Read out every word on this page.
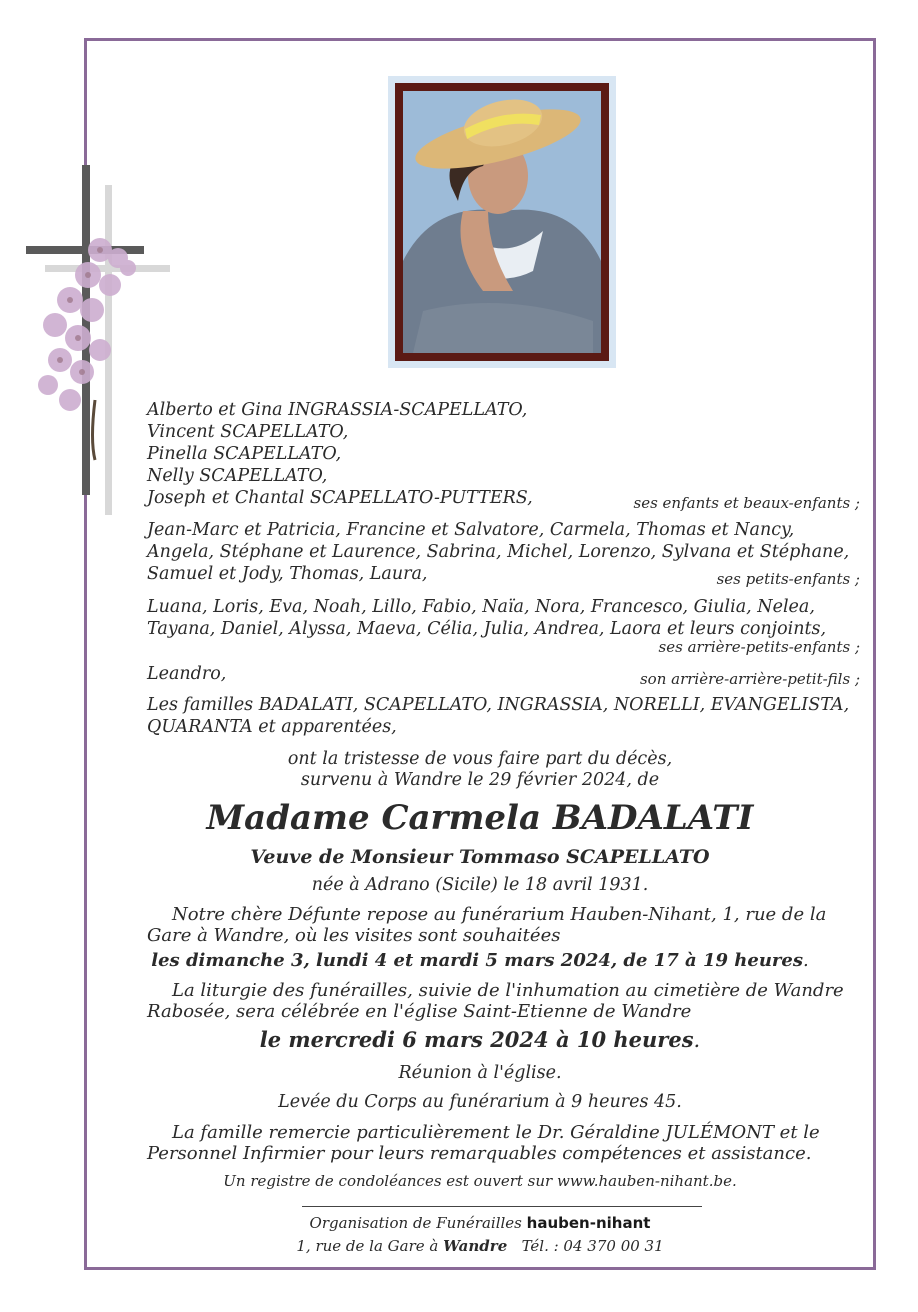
Alberto et Gina INGRASSIA-SCAPELLATO,
Vincent SCAPELLATO,
Pinella SCAPELLATO,
Nelly SCAPELLATO,
Joseph et Chantal SCAPELLATO-PUTTERS,	ses enfants et beaux-enfants ;
Jean-Marc et Patricia, Francine et Salvatore, Carmela, Thomas et Nancy,
Angela, Stéphane et Laurence, Sabrina, Michel, Lorenzo, Sylvana et Stéphane,
Samuel et Jody, Thomas, Laura,	ses petits-enfants ;
Luana, Loris, Eva, Noah, Lillo, Fabio, Naïa, Nora, Francesco, Giulia, Nelea,
Tayana, Daniel, Alyssa, Maeva, Célia, Julia, Andrea, Laora et leurs conjoints,
ses arrière-petits-enfants ;
Leandro,	son arrière-arrière-petit-fils ;
Les familles BADALATI, SCAPELLATO, INGRASSIA, NORELLI, EVANGELISTA,
QUARANTA et apparentées,
ont la tristesse de vous faire part du décès,
survenu à Wandre le 29 février 2024, de
Madame Carmela BADALATI
Veuve de Monsieur Tommaso SCAPELLATO
née à Adrano (Sicile) le 18 avril 1931.
Notre chère Défunte repose au funérarium Hauben-Nihant, 1, rue de la Gare à Wandre, où les visites sont souhaitées
les dimanche 3, lundi 4 et mardi 5 mars 2024, de 17 à 19 heures.
La liturgie des funérailles, suivie de l'inhumation au cimetière de Wandre Rabosée, sera célébrée en l'église Saint-Etienne de Wandre
le mercredi 6 mars 2024 à 10 heures.
Réunion à l'église.
Levée du Corps au funérarium à 9 heures 45.
La famille remercie particulièrement le Dr. Géraldine JULÉMONT et le Personnel Infirmier pour leurs remarquables compétences et assistance.
Un registre de condoléances est ouvert sur www.hauben-nihant.be.
Organisation de Funérailles hauben-nihant
1, rue de la Gare à Wandre Tél. : 04 370 00 31
